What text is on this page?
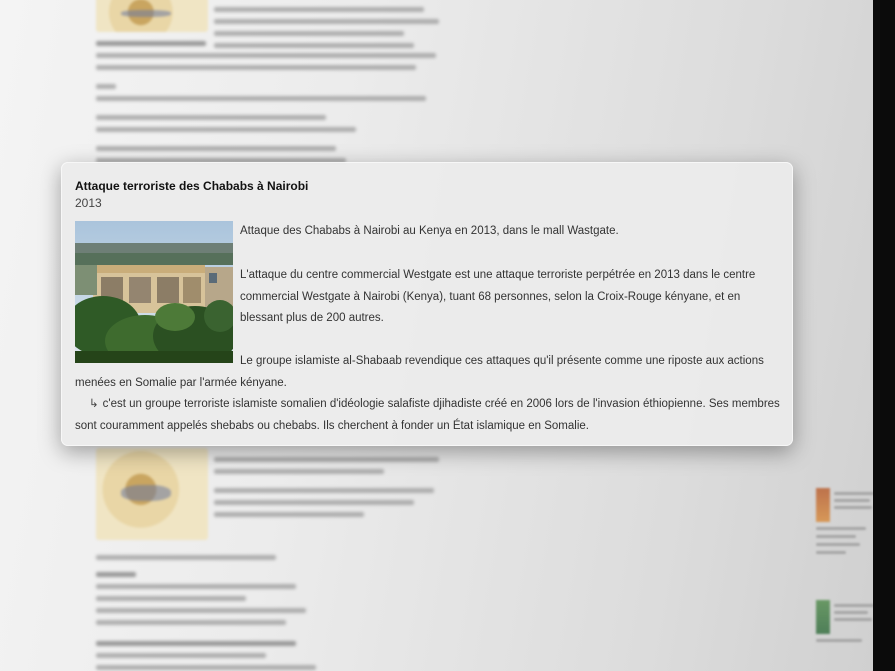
Attaque terroriste des Chababs à Nairobi
2013
Attaque des Chababs à Nairobi au Kenya en 2013, dans le mall Wastgate.
L'attaque du centre commercial Westgate est une attaque terroriste perpétrée en 2013 dans le centre commercial Westgate à Nairobi (Kenya), tuant 68 personnes, selon la Croix-Rouge kényane, et en blessant plus de 200 autres.
Le groupe islamiste al-Shabaab revendique ces attaques qu'il présente comme une riposte aux actions menées en Somalie par l'armée kényane.
↳ c'est un groupe terroriste islamiste somalien d'idéologie salafiste djihadiste créé en 2006 lors de l'invasion éthiopienne. Ses membres sont couramment appelés shebabs ou chebabs. Ils cherchent à fonder un État islamique en Somalie.
